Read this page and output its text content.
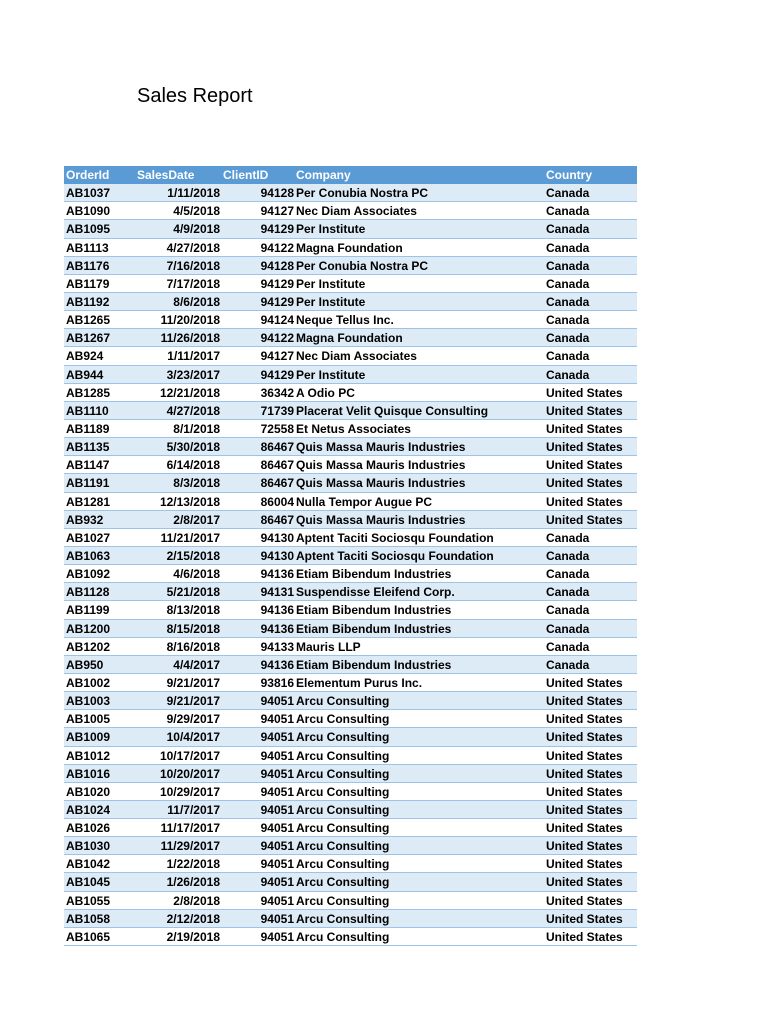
Sales Report
OrderId	SalesDate	ClientID	Company	Country
AB1037	1/11/2018	94128 Per Conubia Nostra PC	Canada
AB1090	4/5/2018	94127 Nec Diam Associates	Canada
AB1095	4/9/2018	94129 Per Institute	Canada
AB1113	4/27/2018	94122 Magna Foundation	Canada
AB1176	7/16/2018	94128 Per Conubia Nostra PC	Canada
AB1179	7/17/2018	94129 Per Institute	Canada
AB1192	8/6/2018	94129 Per Institute	Canada
AB1265	11/20/2018	94124 Neque Tellus Inc.	Canada
AB1267	11/26/2018	94122 Magna Foundation	Canada
AB924	1/11/2017	94127 Nec Diam Associates	Canada
AB944	3/23/2017	94129 Per Institute	Canada
AB1285	12/21/2018	36342 A Odio PC	United States
AB1110	4/27/2018	71739 Placerat Velit Quisque Consulting	United States
AB1189	8/1/2018	72558 Et Netus Associates	United States
AB1135	5/30/2018	86467 Quis Massa Mauris Industries	United States
AB1147	6/14/2018	86467 Quis Massa Mauris Industries	United States
AB1191	8/3/2018	86467 Quis Massa Mauris Industries	United States
AB1281	12/13/2018	86004 Nulla Tempor Augue PC	United States
AB932	2/8/2017	86467 Quis Massa Mauris Industries	United States
AB1027	11/21/2017	94130 Aptent Taciti Sociosqu Foundation	Canada
AB1063	2/15/2018	94130 Aptent Taciti Sociosqu Foundation	Canada
AB1092	4/6/2018	94136 Etiam Bibendum Industries	Canada
AB1128	5/21/2018	94131 Suspendisse Eleifend Corp.	Canada
AB1199	8/13/2018	94136 Etiam Bibendum Industries	Canada
AB1200	8/15/2018	94136 Etiam Bibendum Industries	Canada
AB1202	8/16/2018	94133 Mauris LLP	Canada
AB950	4/4/2017	94136 Etiam Bibendum Industries	Canada
AB1002	9/21/2017	93816 Elementum Purus Inc.	United States
AB1003	9/21/2017	94051 Arcu Consulting	United States
AB1005	9/29/2017	94051 Arcu Consulting	United States
AB1009	10/4/2017	94051 Arcu Consulting	United States
AB1012	10/17/2017	94051 Arcu Consulting	United States
AB1016	10/20/2017	94051 Arcu Consulting	United States
AB1020	10/29/2017	94051 Arcu Consulting	United States
AB1024	11/7/2017	94051 Arcu Consulting	United States
AB1026	11/17/2017	94051 Arcu Consulting	United States
AB1030	11/29/2017	94051 Arcu Consulting	United States
AB1042	1/22/2018	94051 Arcu Consulting	United States
AB1045	1/26/2018	94051 Arcu Consulting	United States
AB1055	2/8/2018	94051 Arcu Consulting	United States
AB1058	2/12/2018	94051 Arcu Consulting	United States
AB1065	2/19/2018	94051 Arcu Consulting	United States
